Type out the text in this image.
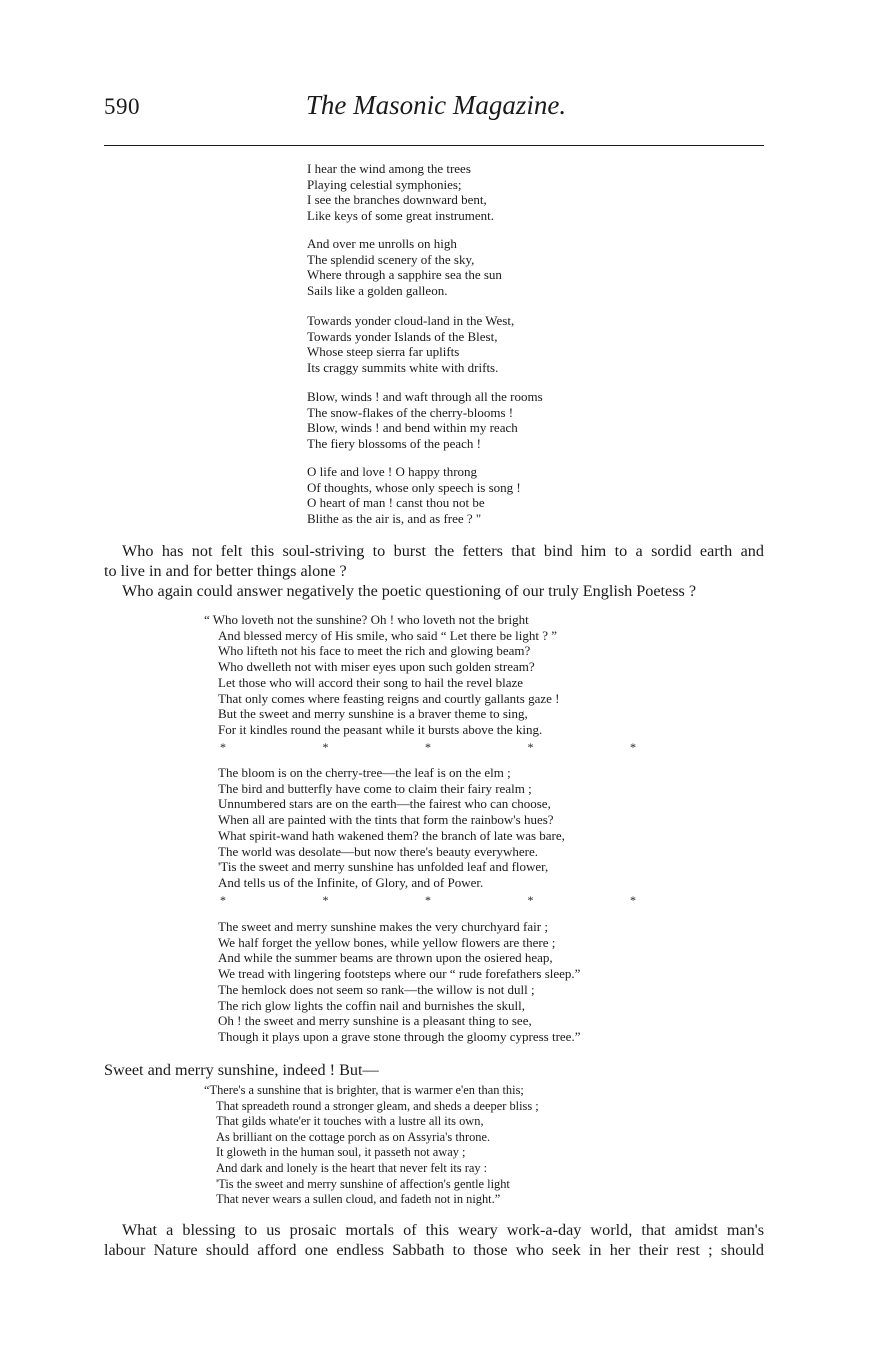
590	The Masonic Magazine.
I hear the wind among the trees
Playing celestial symphonies;
I see the branches downward bent,
Like keys of some great instrument.
And over me unrolls on high
The splendid scenery of the sky,
Where through a sapphire sea the sun
Sails like a golden galleon.
Towards yonder cloud-land in the West,
Towards yonder Islands of the Blest,
Whose steep sierra far uplifts
Its craggy summits white with drifts.
Blow, winds ! and waft through all the rooms
The snow-flakes of the cherry-blooms !
Blow, winds ! and bend within my reach
The fiery blossoms of the peach !
O life and love ! O happy throng
Of thoughts, whose only speech is song !
O heart of man ! canst thou not be
Blithe as the air is, and as free ? "
Who has not felt this soul-striving to burst the fetters that bind him to a sordid earth and
to live in and for better things alone ?
Who again could answer negatively the poetic questioning of our truly English Poetess ?
“ Who loveth not the sunshine? Oh ! who loveth not the bright
And blessed mercy of His smile, who said “ Let there be light ? ”
Who lifteth not his face to meet the rich and glowing beam?
Who dwelleth not with miser eyes upon such golden stream?
Let those who will accord their song to hail the revel blaze
That only comes where feasting reigns and courtly gallants gaze !
But the sweet and merry sunshine is a braver theme to sing,
For it kindles round the peasant while it bursts above the king.
*	*	*	*	*
The bloom is on the cherry-tree—the leaf is on the elm ;
The bird and butterfly have come to claim their fairy realm ;
Unnumbered stars are on the earth—the fairest who can choose,
When all are painted with the tints that form the rainbow's hues?
What spirit-wand hath wakened them? the branch of late was bare,
The world was desolate—but now there's beauty everywhere.
'Tis the sweet and merry sunshine has unfolded leaf and flower,
And tells us of the Infinite, of Glory, and of Power.
*	*	*	*	*
The sweet and merry sunshine makes the very churchyard fair ;
We half forget the yellow bones, while yellow flowers are there ;
And while the summer beams are thrown upon the osiered heap,
We tread with lingering footsteps where our “ rude forefathers sleep.”
The hemlock does not seem so rank—the willow is not dull ;
The rich glow lights the coffin nail and burnishes the skull,
Oh ! the sweet and merry sunshine is a pleasant thing to see,
Though it plays upon a grave stone through the gloomy cypress tree.”
Sweet and merry sunshine, indeed ! But—
“There's a sunshine that is brighter, that is warmer e'en than this;
That spreadeth round a stronger gleam, and sheds a deeper bliss ;
That gilds whate'er it touches with a lustre all its own,
As brilliant on the cottage porch as on Assyria's throne.
It gloweth in the human soul, it passeth not away ;
And dark and lonely is the heart that never felt its ray :
'Tis the sweet and merry sunshine of affection's gentle light
That never wears a sullen cloud, and fadeth not in night.”
What a blessing to us prosaic mortals of this weary work-a-day world, that amidst man's
labour Nature should afford one endless Sabbath to those who seek in her their rest ; should
